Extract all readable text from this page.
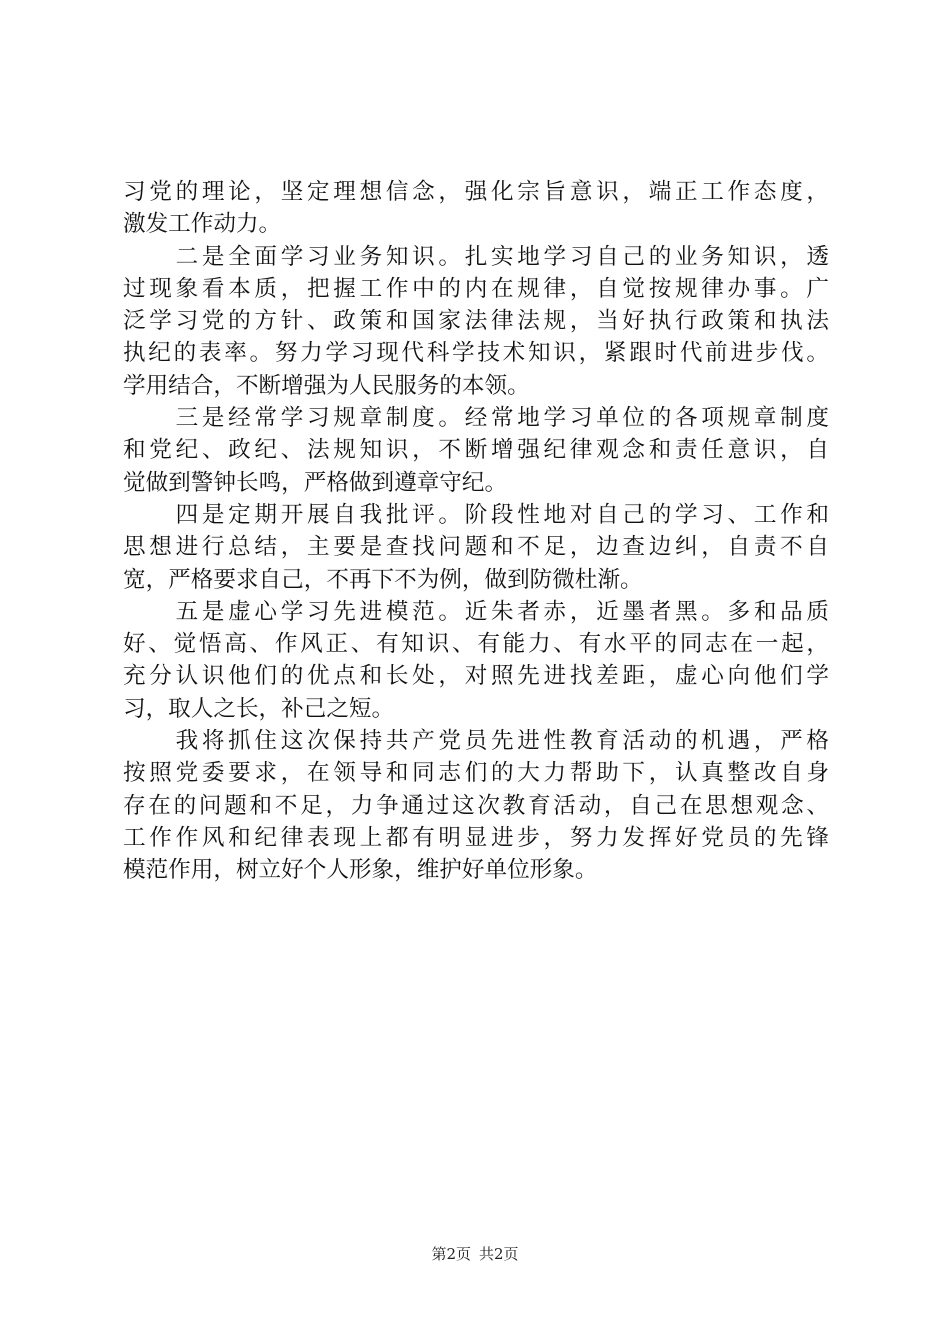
习党的理论，坚定理想信念，强化宗旨意识，端正工作态度，
激发工作动力。
　　二是全面学习业务知识。扎实地学习自己的业务知识，透
过现象看本质，把握工作中的内在规律，自觉按规律办事。广
泛学习党的方针、政策和国家法律法规，当好执行政策和执法
执纪的表率。努力学习现代科学技术知识，紧跟时代前进步伐。
学用结合，不断增强为人民服务的本领。
　　三是经常学习规章制度。经常地学习单位的各项规章制度
和党纪、政纪、法规知识，不断增强纪律观念和责任意识，自
觉做到警钟长鸣，严格做到遵章守纪。
　　四是定期开展自我批评。阶段性地对自己的学习、工作和
思想进行总结，主要是查找问题和不足，边查边纠，自责不自
宽，严格要求自己，不再下不为例，做到防微杜渐。
　　五是虚心学习先进模范。近朱者赤，近墨者黑。多和品质
好、觉悟高、作风正、有知识、有能力、有水平的同志在一起，
充分认识他们的优点和长处，对照先进找差距，虚心向他们学
习，取人之长，补己之短。
　　我将抓住这次保持共产党员先进性教育活动的机遇，严格
按照党委要求，在领导和同志们的大力帮助下，认真整改自身
存在的问题和不足，力争通过这次教育活动，自己在思想观念、
工作作风和纪律表现上都有明显进步，努力发挥好党员的先锋
模范作用，树立好个人形象，维护好单位形象。
第2页 共2页
